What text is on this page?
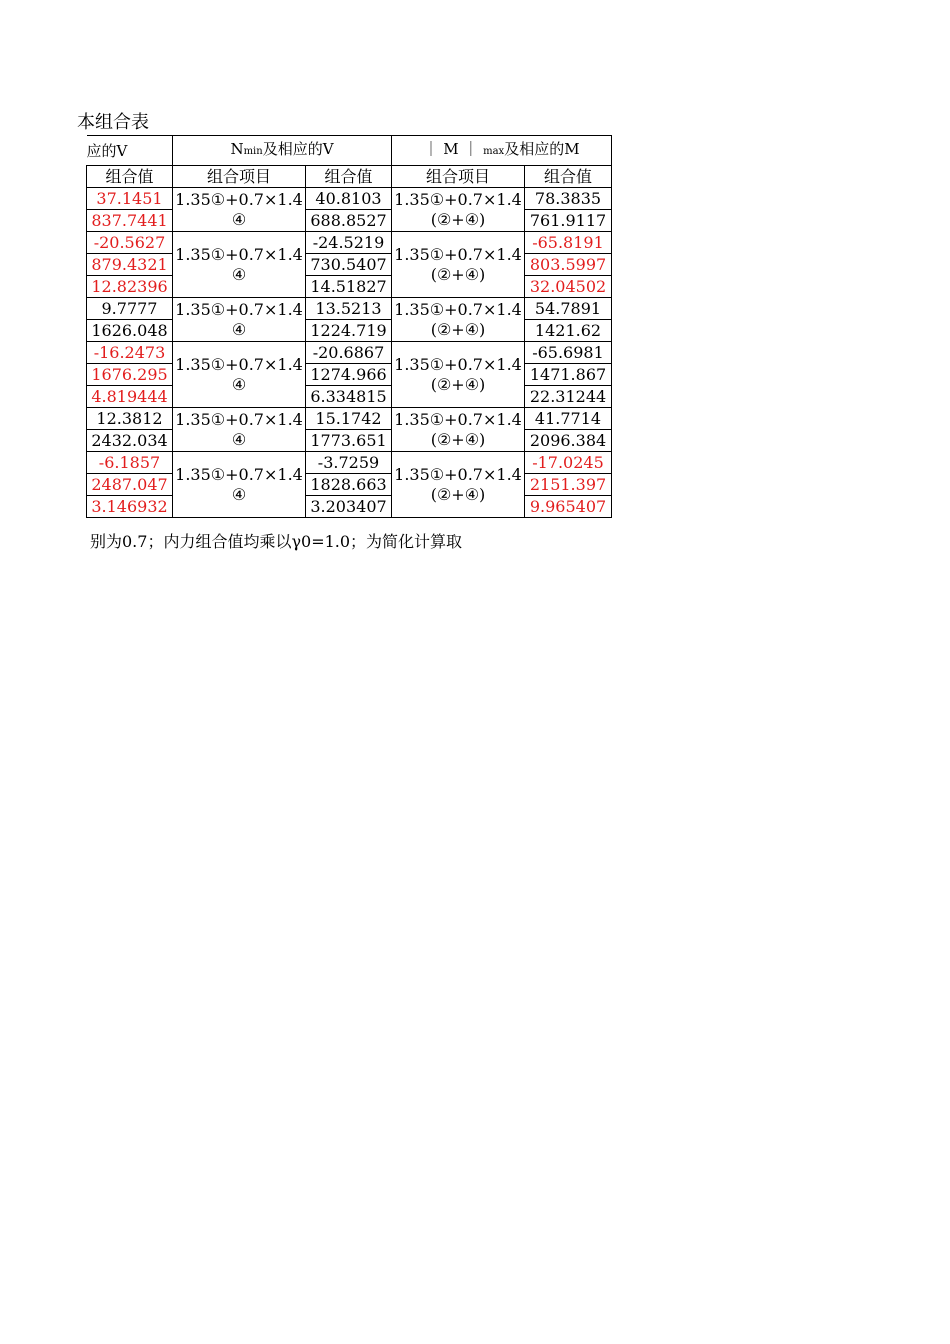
本组合表
应的V	Nmin及相应的V		｜ M ｜ max及相应的M	
组合值	组合项目	组合值	组合项目	组合值
37.1451	1.35①+0.7×1.4④	40.8103	1.35①+0.7×1.4(②+④)	78.3835
837.7441		688.8527		761.9117
-20.5627	1.35①+0.7×1.4④	-24.5219	1.35①+0.7×1.4(②+④)	-65.8191
879.4321		730.5407		803.5997
12.82396		14.51827		32.04502
9.7777	1.35①+0.7×1.4④	13.5213	1.35①+0.7×1.4(②+④)	54.7891
1626.048		1224.719		1421.62
-16.2473	1.35①+0.7×1.4④	-20.6867	1.35①+0.7×1.4(②+④)	-65.6981
1676.295		1274.966		1471.867
4.819444		6.334815		22.31244
12.3812	1.35①+0.7×1.4④	15.1742	1.35①+0.7×1.4(②+④)	41.7714
2432.034		1773.651		2096.384
-6.1857	1.35①+0.7×1.4④	-3.7259	1.35①+0.7×1.4(②+④)	-17.0245
2487.047		1828.663		2151.397
3.146932		3.203407		9.965407
别为0.7；内力组合值均乘以γ0=1.0；为简化计算取
